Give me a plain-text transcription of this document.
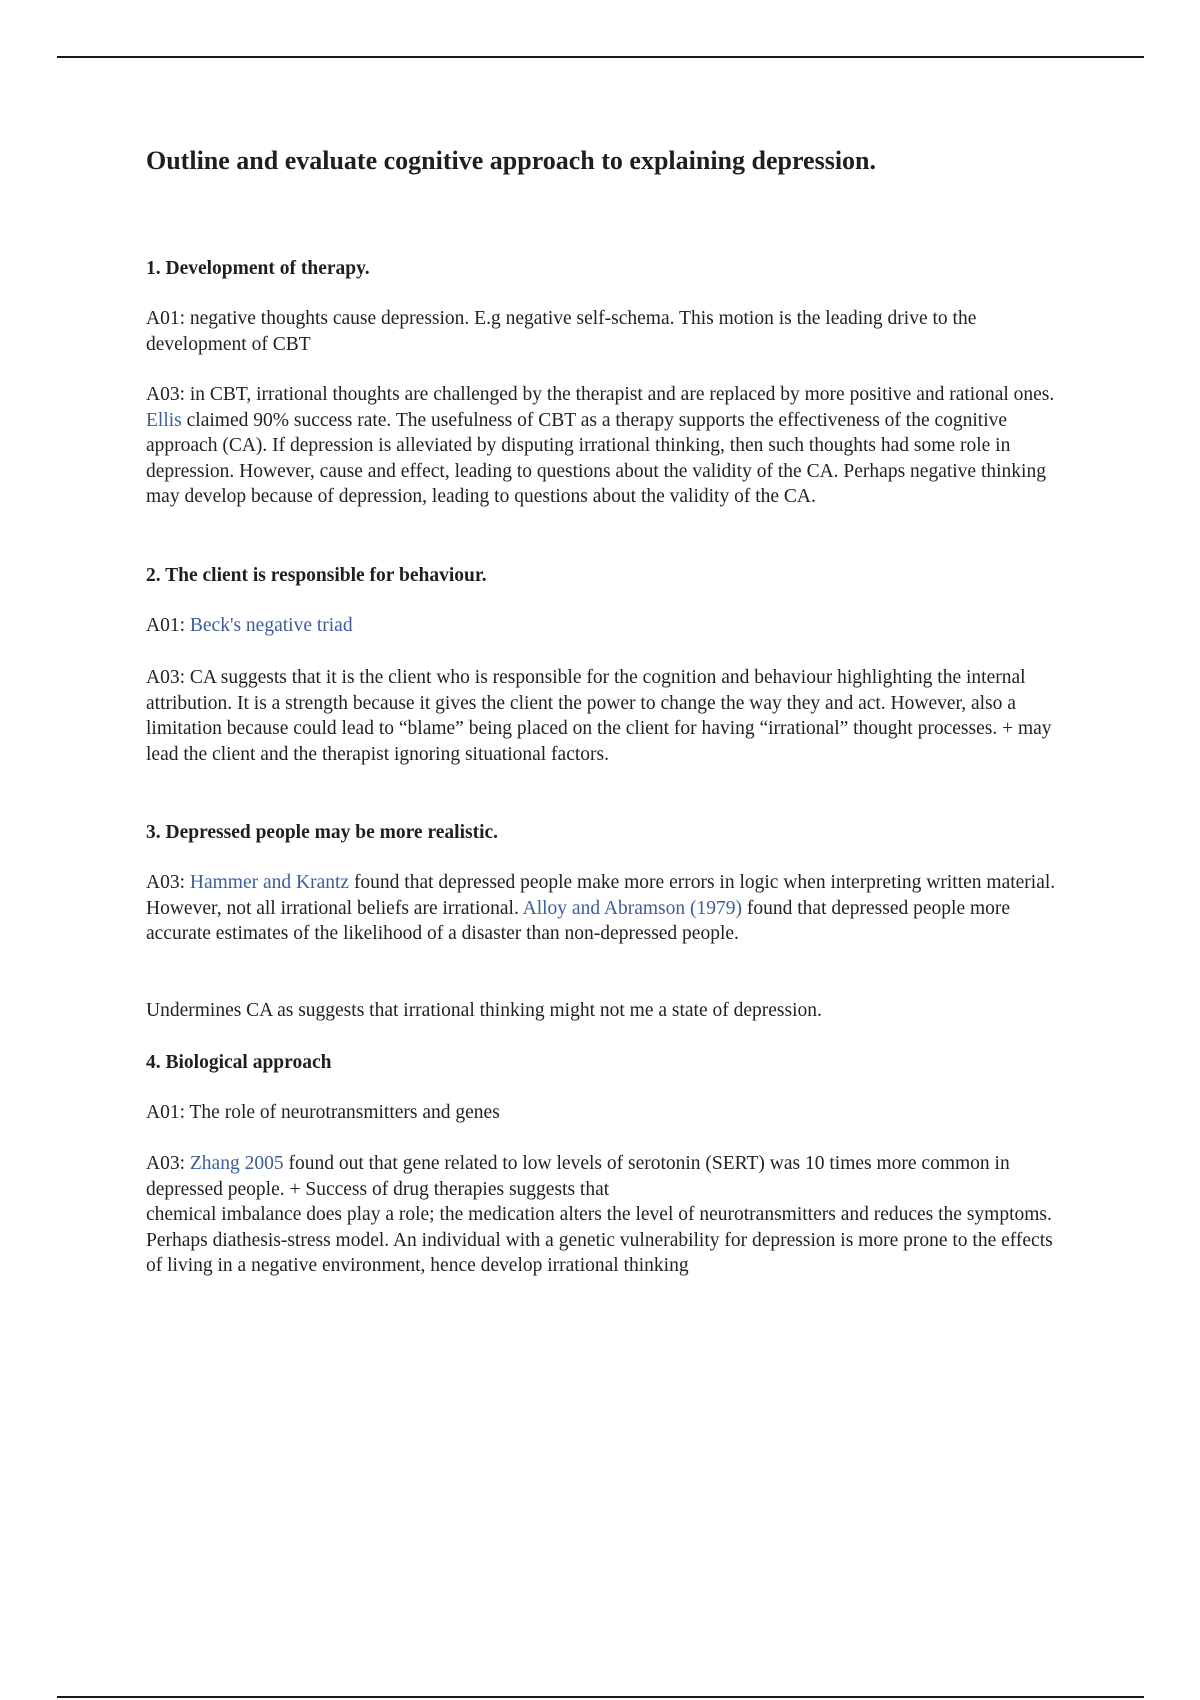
Outline and evaluate cognitive approach to explaining depression.
1. Development of therapy.
A01: negative thoughts cause depression. E.g negative self-schema. This motion is the leading drive to the development of CBT
A03: in CBT, irrational thoughts are challenged by the therapist and are replaced by more positive and rational ones. Ellis claimed 90% success rate. The usefulness of CBT as a therapy supports the effectiveness of the cognitive approach (CA). If depression is alleviated by disputing irrational thinking, then such thoughts had some role in depression. However, cause and effect, leading to questions about the validity of the CA. Perhaps negative thinking may develop because of depression, leading to questions about the validity of the CA.
2. The client is responsible for behaviour.
A01: Beck's negative triad
A03: CA suggests that it is the client who is responsible for the cognition and behaviour highlighting the internal attribution. It is a strength because it gives the client the power to change the way they and act. However, also a limitation because could lead to “blame” being placed on the client for having “irrational” thought processes. + may lead the client and the therapist ignoring situational factors.
3. Depressed people may be more realistic.
A03: Hammer and Krantz found that depressed people make more errors in logic when interpreting written material.
However, not all irrational beliefs are irrational. Alloy and Abramson (1979) found that depressed people more accurate estimates of the likelihood of a disaster than non-depressed people.
Undermines CA as suggests that irrational thinking might not me a state of depression.
4. Biological approach
A01: The role of neurotransmitters and genes
A03: Zhang 2005 found out that gene related to low levels of serotonin (SERT) was 10 times more common in depressed people. + Success of drug therapies suggests that
chemical imbalance does play a role; the medication alters the level of neurotransmitters and reduces the symptoms.
Perhaps diathesis-stress model. An individual with a genetic vulnerability for depression is more prone to the effects of living in a negative environment, hence develop irrational thinking
